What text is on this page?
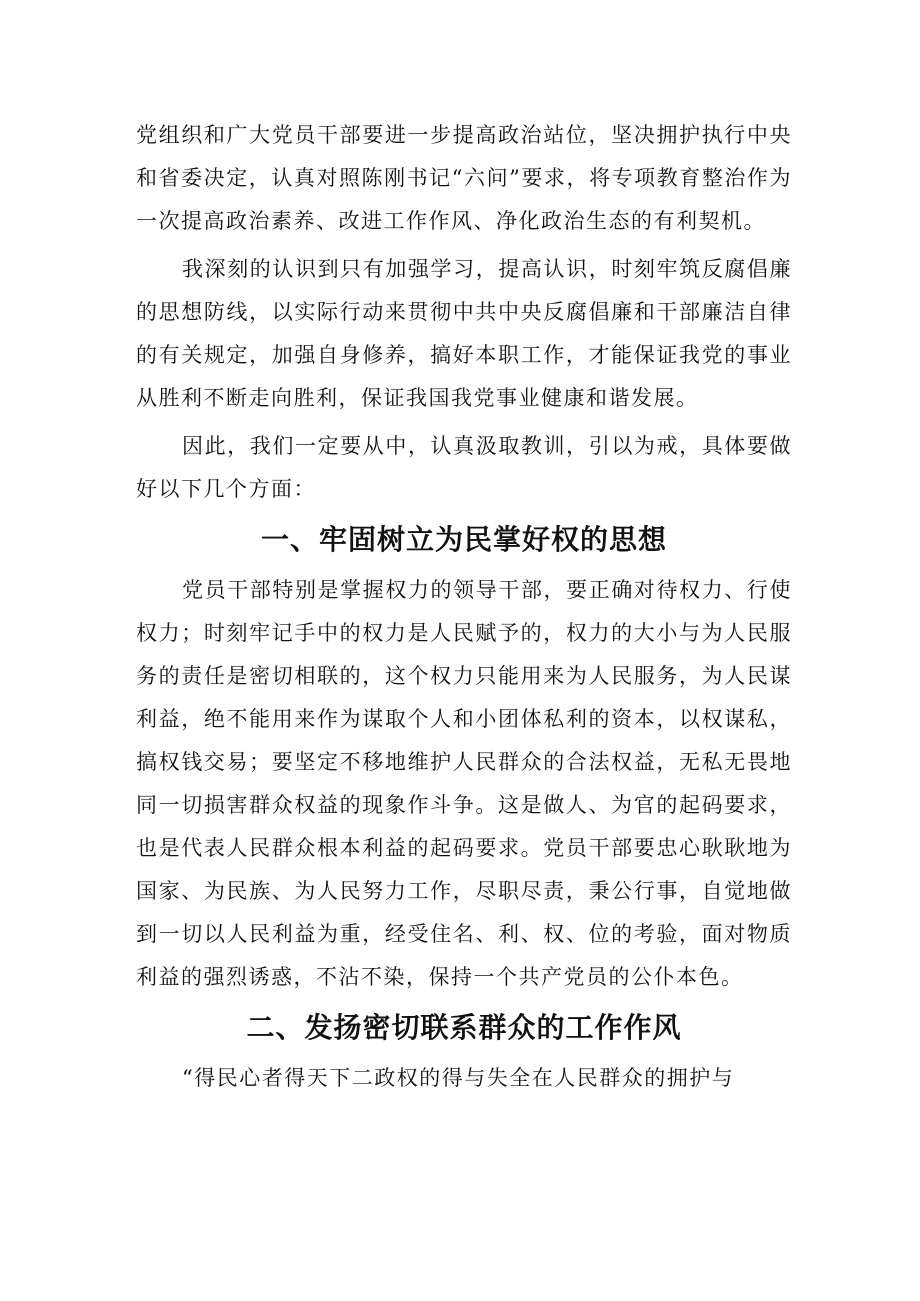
党组织和广大党员干部要进一步提高政治站位，坚决拥护执行中央和省委决定，认真对照陈刚书记“六问”要求，将专项教育整治作为一次提高政治素养、改进工作作风、净化政治生态的有利契机。

我深刻的认识到只有加强学习，提高认识，时刻牢筑反腐倡廉的思想防线，以实际行动来贯彻中共中央反腐倡廉和干部廉洁自律的有关规定，加强自身修养，搞好本职工作，才能保证我党的事业从胜利不断走向胜利，保证我国我党事业健康和谐发展。

因此，我们一定要从中，认真汲取教训，引以为戒，具体要做好以下几个方面：

一、牢固树立为民掌好权的思想

党员干部特别是掌握权力的领导干部，要正确对待权力、行使权力；时刻牢记手中的权力是人民赋予的，权力的大小与为人民服务的责任是密切相联的，这个权力只能用来为人民服务，为人民谋利益，绝不能用来作为谋取个人和小团体私利的资本，以权谋私，搞权钱交易；要坚定不移地维护人民群众的合法权益，无私无畏地同一切损害群众权益的现象作斗争。这是做人、为官的起码要求，也是代表人民群众根本利益的起码要求。党员干部要忠心耿耿地为国家、为民族、为人民努力工作，尽职尽责，秉公行事，自觉地做到一切以人民利益为重，经受住名、利、权、位的考验，面对物质利益的强烈诱惑，不沾不染，保持一个共产党员的公仆本色。

二、发扬密切联系群众的工作作风

“得民心者得天下二政权的得与失全在人民群众的拥护与
